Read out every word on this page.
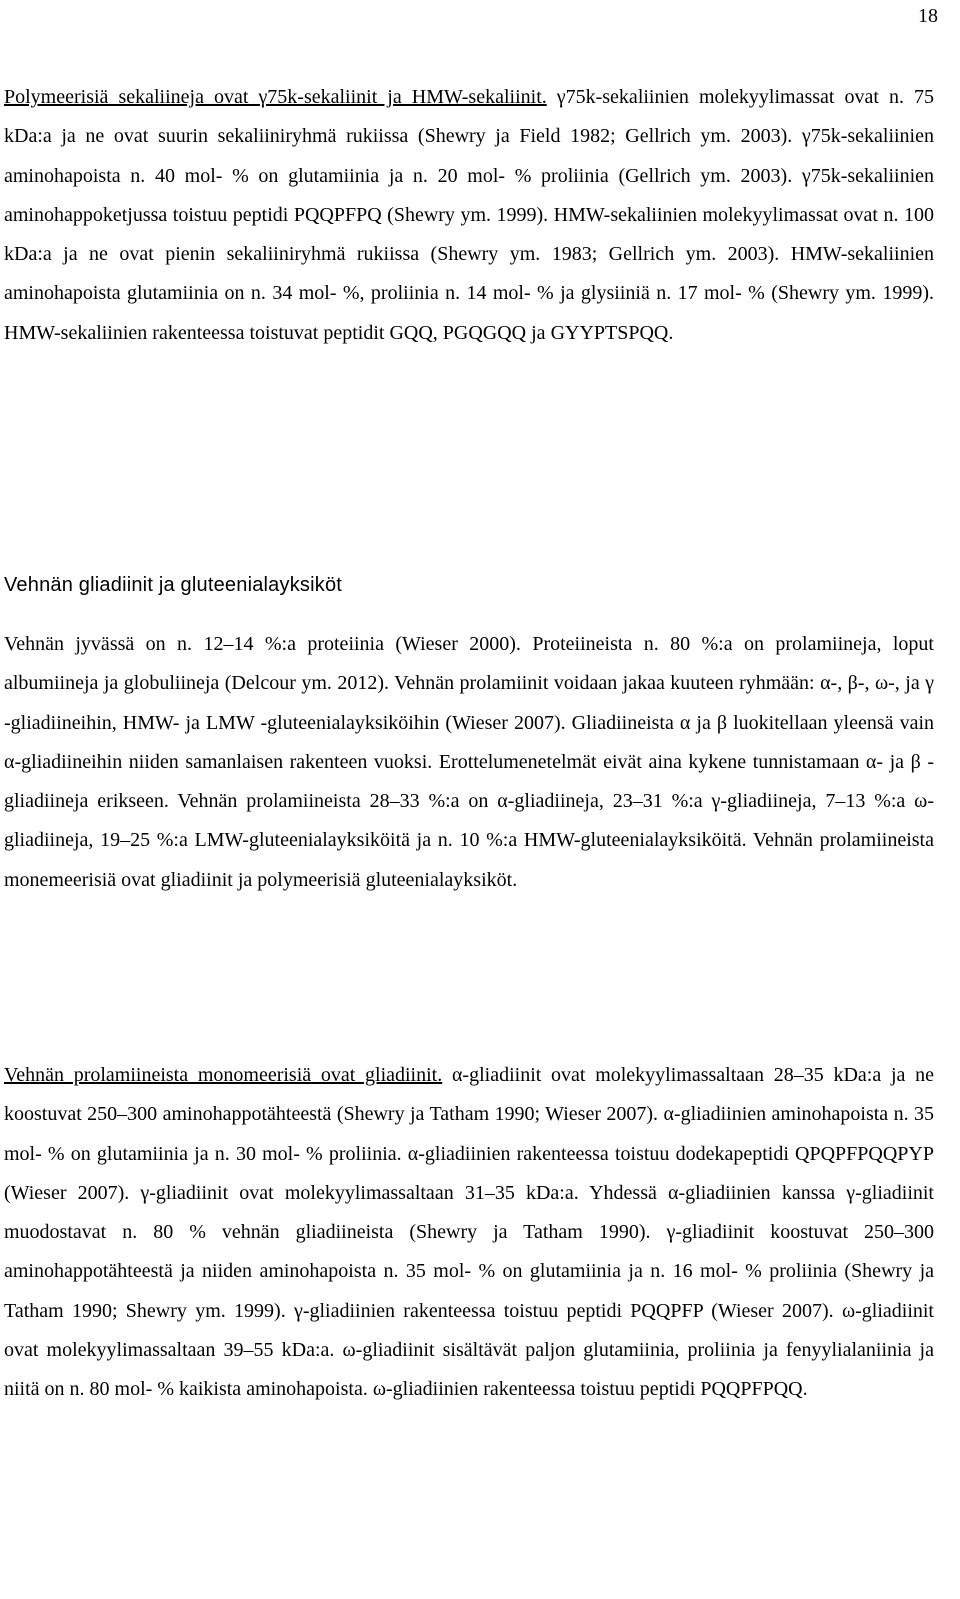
18

Polymeerisiä sekaliineja ovat γ75k-sekaliinit ja HMW-sekaliinit. γ75k-sekaliinien molekyylimassat ovat n. 75 kDa:a ja ne ovat suurin sekaliiniryhmä rukiissa (Shewry ja Field 1982; Gellrich ym. 2003). γ75k-sekaliinien aminohapoista n. 40 mol- % on glutamiinia ja n. 20 mol- % proliinia (Gellrich ym. 2003). γ75k-sekaliinien aminohappoketjussa toistuu peptidi PQQPFPQ (Shewry ym. 1999). HMW-sekaliinien molekyylimassat ovat n. 100 kDa:a ja ne ovat pienin sekaliiniryhmä rukiissa (Shewry ym. 1983; Gellrich ym. 2003). HMW-sekaliinien aminohapoista glutamiinia on n. 34 mol- %, proliinia n. 14 mol- % ja glysiiniä n. 17 mol- % (Shewry ym. 1999). HMW-sekaliinien rakenteessa toistuvat peptidit GQQ, PGQGQQ ja GYYPTSPQQ.

Vehnän gliadiinit ja gluteenialayksiköt

Vehnän jyvässä on n. 12–14 %:a proteiinia (Wieser 2000). Proteiineista n. 80 %:a on prolamiineja, loput albumiineja ja globuliineja (Delcour ym. 2012). Vehnän prolamiinit voidaan jakaa kuuteen ryhmään: α-, β-, ω-, ja γ -gliadiineihin, HMW- ja LMW -gluteenialayksiköihin (Wieser 2007). Gliadiineista α ja β luokitellaan yleensä vain α-gliadiineihin niiden samanlaisen rakenteen vuoksi. Erottelumenetelmät eivät aina kykene tunnistamaan α- ja β -gliadiineja erikseen. Vehnän prolamiineista 28–33 %:a on α-gliadiineja, 23–31 %:a γ-gliadiineja, 7–13 %:a ω-gliadiineja, 19–25 %:a LMW-gluteenialayksiköitä ja n. 10 %:a HMW-gluteenialayksiköitä. Vehnän prolamiineista monemeerisiä ovat gliadiinit ja polymeerisiä gluteenialayksiköt.

Vehnän prolamiineista monomeerisiä ovat gliadiinit. α-gliadiinit ovat molekyylimassaltaan 28–35 kDa:a ja ne koostuvat 250–300 aminohappotähteestä (Shewry ja Tatham 1990; Wieser 2007). α-gliadiinien aminohapoista n. 35 mol- % on glutamiinia ja n. 30 mol- % proliinia. α-gliadiinien rakenteessa toistuu dodekapeptidi QPQPFPQQPYP (Wieser 2007). γ-gliadiinit ovat molekyylimassaltaan 31–35 kDa:a. Yhdessä α-gliadiinien kanssa γ-gliadiinit muodostavat n. 80 % vehnän gliadiineista (Shewry ja Tatham 1990). γ-gliadiinit koostuvat 250–300 aminohappotähteestä ja niiden aminohapoista n. 35 mol- % on glutamiinia ja n. 16 mol- % proliinia (Shewry ja Tatham 1990; Shewry ym. 1999). γ-gliadiinien rakenteessa toistuu peptidi PQQPFP (Wieser 2007). ω-gliadiinit ovat molekyylimassaltaan 39–55 kDa:a. ω-gliadiinit sisältävät paljon glutamiinia, proliinia ja fenyylialaniinia ja niitä on n. 80 mol- % kaikista aminohapoista. ω-gliadiinien rakenteessa toistuu peptidi PQQPFPQQ.
